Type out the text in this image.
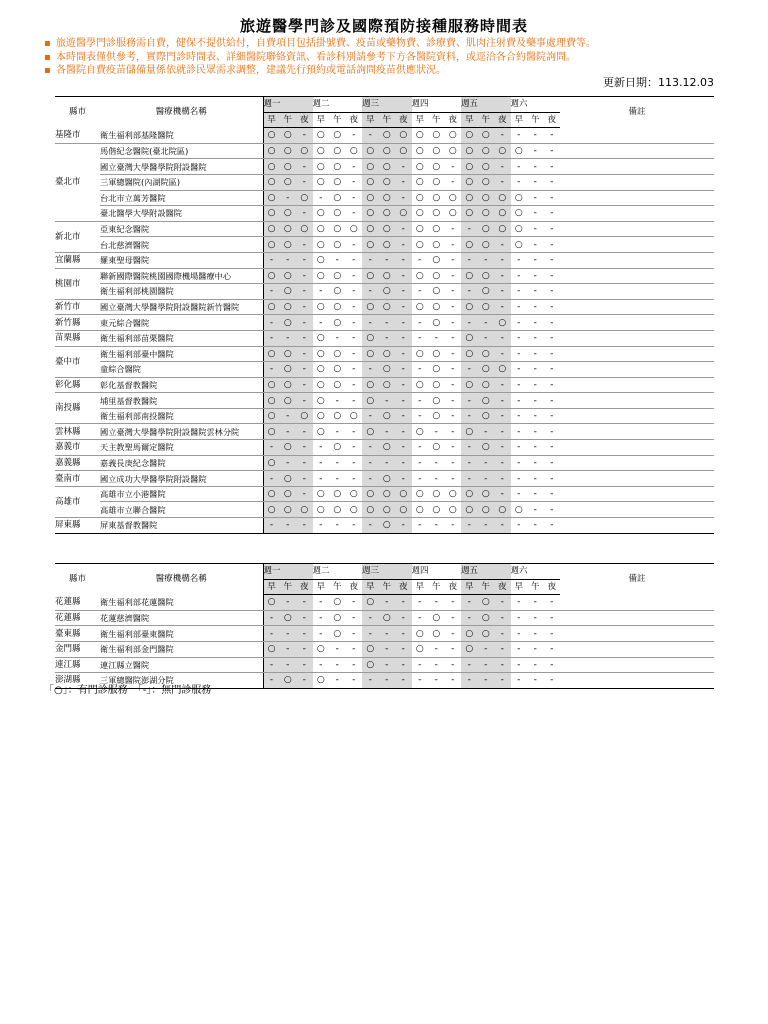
旅遊醫學門診及國際預防接種服務時間表
▪ 旅遊醫學門診服務需自費，健保不提供給付，自費項目包括掛號費、疫苗或藥物費、診療費、肌肉注射費及藥事處理費等。
▪ 本時間表僅供參考，實際門診時間表、詳細醫院聯絡資訊、看診科別請參考下方各醫院資料，或逕洽各合約醫院詢問。
▪ 各醫院自費疫苗儲備量係依就診民眾需求調整，建議先行預約或電話詢問疫苗供應狀況。
更新日期：113.12.03
縣市	醫療機構名稱	週一			週二			週三			週四			週五			週六			備註
		早	午	夜	早	午	夜	早	午	夜	早	午	夜	早	午	夜	早	午	夜	
基隆市	衛生福利部基隆醫院	○	○	-	○	○	-	-	○	○	○	○	○	○	○	-	-	-	-	
臺北市	馬偕紀念醫院(臺北院區)	○	○	○	○	○	○	○	○	○	○	○	○	○	○	○	○	-	-	
	國立臺灣大學醫學院附設醫院	○	○	-	○	○	-	○	○	-	○	○	-	○	○	-	-	-	-	
	三軍總醫院(內湖院區)	○	○	-	○	○	-	○	○	-	○	○	-	○	○	-	-	-	-	
	台北市立萬芳醫院	○	-	○	-	○	-	○	○	-	○	○	○	○	○	○	○	-	-	
	臺北醫學大學附設醫院	○	○	-	○	○	-	○	○	○	○	○	○	○	○	○	○	-	-	
新北市	亞東紀念醫院	○	○	○	○	○	○	○	○	-	○	○	-	-	○	○	○	-	-	
	台北慈濟醫院	○	○	-	○	○	-	○	○	-	○	○	-	○	○	-	○	-	-	
宜蘭縣	羅東聖母醫院	-	-	-	○	-	-	-	-	-	-	○	-	-	-	-	-	-	-	
桃園市	聯新國際醫院桃園國際機場醫療中心	○	○	-	○	○	-	○	○	-	○	○	-	○	○	-	-	-	-	
	衛生福利部桃園醫院	-	○	-	-	○	-	-	○	-	-	○	-	-	○	-	-	-	-	
新竹市	國立臺灣大學醫學院附設醫院新竹醫院	○	○	-	○	○	-	○	○	-	○	○	-	○	○	-	-	-	-	
新竹縣	東元綜合醫院	-	○	-	-	○	-	-	-	-	-	○	-	-	-	○	-	-	-	
苗栗縣	衛生福利部苗栗醫院	-	-	-	○	-	-	○	-	-	-	-	-	○	-	-	-	-	-	
臺中市	衛生福利部臺中醫院	○	○	-	○	○	-	○	○	-	○	○	-	○	○	-	-	-	-	
	童綜合醫院	-	○	-	○	○	-	-	○	-	-	○	-	-	○	○	-	-	-	
彰化縣	彰化基督教醫院	○	○	-	○	○	-	○	○	-	○	○	-	○	○	-	-	-	-	
南投縣	埔里基督教醫院	○	○	-	○	-	-	○	-	-	-	○	-	-	○	-	-	-	-	
	衛生福利部南投醫院	○	-	○	○	○	○	-	○	-	-	○	-	-	○	-	-	-	-	
雲林縣	國立臺灣大學醫學院附設醫院雲林分院	○	-	-	○	-	-	○	-	-	○	-	-	○	-	-	-	-	-	
嘉義市	天主教聖馬爾定醫院	-	○	-	-	○	-	-	○	-	-	○	-	-	○	-	-	-	-	
嘉義縣	嘉義長庚紀念醫院	○	-	-	-	-	-	-	-	-	-	-	-	-	-	-	-	-	-	
臺南市	國立成功大學醫學院附設醫院	-	○	-	-	-	-	-	○	-	-	-	-	-	-	-	-	-	-	
高雄市	高雄市立小港醫院	○	○	-	○	○	○	○	○	○	○	○	○	○	○	-	-	-	-	
	高雄市立聯合醫院	○	○	○	○	○	○	○	○	○	○	○	○	○	○	○	○	-	-	
屏東縣	屏東基督教醫院	-	-	-	-	-	-	-	○	-	-	-	-	-	-	-	-	-	-	
縣市	醫療機構名稱	週一			週二			週三			週四			週五			週六			備註
		早	午	夜	早	午	夜	早	午	夜	早	午	夜	早	午	夜	早	午	夜	
花蓮縣	衛生福利部花蓮醫院	○	-	-	-	○	-	○	-	-	-	-	-	-	○	-	-	-	-	
花蓮縣	花蓮慈濟醫院	-	○	-	-	○	-	-	○	-	-	○	-	-	○	-	-	-	-	
臺東縣	衛生福利部臺東醫院	-	-	-	-	○	-	-	-	-	○	○	-	○	○	-	-	-	-	
金門縣	衛生福利部金門醫院	○	-	-	○	-	-	○	-	-	○	-	-	○	-	-	-	-	-	
連江縣	連江縣立醫院	-	-	-	-	-	-	○	-	-	-	-	-	-	-	-	-	-	-	
澎湖縣	三軍總醫院澎湖分院	-	○	-	○	-	-	-	-	-	-	-	-	-	-	-	-	-	-	
「○」：有門診服務　「-」：無門診服務
